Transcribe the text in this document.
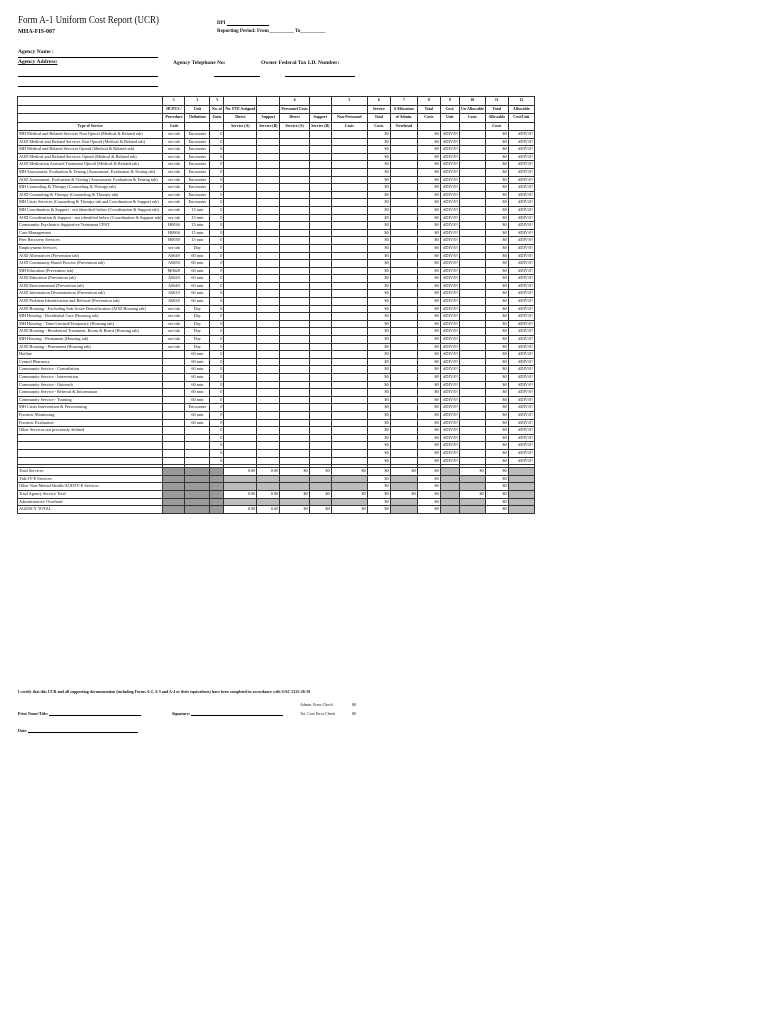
Form A-1 Uniform Cost Report (UCR)
MHA-FIS-007
DPI
Reporting Period: From__________ To__________
Agency Name :
Agency Address:	Agency Telephone No:	Owner Federal Tax I.D. Number:
	1	2	3			4		5	6	7	8	9	10	11	12
	HCPCS /	Unit	No. of	No. FTE Assigned		Personnel Costs			Service	$ Allocation	Total	Cost/	Un-Allowable	Total	Allowable
	Procedure	Definition	Units	Direct	Support	Direct	Support	Non-Personnel	Total	of Admin.	Costs	Unit	Costs	Allowable	Cost/Unit
Type of Service	Code			Service (A)	Service (B)	Service (A)	Service (B)	Costs	Costs	Overhead				Costs	
MH Medical and Related Services Non Opioid (Medical & Related tab)	see tab	Encounter	0						$0		$0	#DIV/0!		$0	#DIV/0!
AOD Medical and Related Services Non Opioid (Medical & Related tab)	see tab	Encounter	0						$0		$0	#DIV/0!		$0	#DIV/0!
MH Medical and Related Services Opioid (Medical & Related tab)	see tab	Encounter	0						$0		$0	#DIV/0!		$0	#DIV/0!
AOD Medical and Related Services Opioid (Medical & Related tab)	see tab	Encounter	0						$0		$0	#DIV/0!		$0	#DIV/0!
AOD Medication Assisted Treatment Opioid (Medical & Related tab)	see tab	Encounter	0						$0		$0	#DIV/0!		$0	#DIV/0!
MH Assessment, Evaluation & Testing (Assessment, Evaluation & Testing tab)	see tab	Encounter	0						$0		$0	#DIV/0!		$0	#DIV/0!
AOD Assessment, Evaluation & Testing (Assessment, Evaluation & Testing tab)	see tab	Encounter	0						$0		$0	#DIV/0!		$0	#DIV/0!
MH Counseling & Therapy (Counseling & Therapy tab)	see tab	Encounter	0						$0		$0	#DIV/0!		$0	#DIV/0!
AOD Counseling & Therapy (Counseling & Therapy tab)	see tab	Encounter	0						$0		$0	#DIV/0!		$0	#DIV/0!
MH Crisis Services (Counseling & Therapy tab and Coordination & Support tab)	see tab	Encounter	0						$0		$0	#DIV/0!		$0	#DIV/0!
MH Coordination & Support - not identified below (Coordination & Support tab)	see tab	15 min	0						$0		$0	#DIV/0!		$0	#DIV/0!
AOD Coordination & Support - not identified below (Coordination & Support tab)	see tab	15 min	0						$0		$0	#DIV/0!		$0	#DIV/0!
Community Psychiatric Supportive Treatment CPST	H0036	15 min	0						$0		$0	#DIV/0!		$0	#DIV/0!
Case Management	H0006	15 min	0						$0		$0	#DIV/0!		$0	#DIV/0!
Peer Recovery Services	H0038	15 min	0						$0		$0	#DIV/0!		$0	#DIV/0!
Employment Services	see tab	Day	0						$0		$0	#DIV/0!		$0	#DIV/0!
AOD Alternatives (Prevention tab)	A0649	60 min	0						$0		$0	#DIV/0!		$0	#DIV/0!
AOD Community Based Process (Prevention tab)	A0650	60 min	0						$0		$0	#DIV/0!		$0	#DIV/0!
MH Education (Prevention tab)	M0620	60 min	0						$0		$0	#DIV/0!		$0	#DIV/0!
AOD Education (Prevention tab)	A0620	60 min	0						$0		$0	#DIV/0!		$0	#DIV/0!
AOD Environmental (Prevention tab)	A0640	60 min	0						$0		$0	#DIV/0!		$0	#DIV/0!
AOD Information Dissemination (Prevention tab)	A0610	60 min	0						$0		$0	#DIV/0!		$0	#DIV/0!
AOD Problem Identification and Referral (Prevention tab)	A0630	60 min	0						$0		$0	#DIV/0!		$0	#DIV/0!
AOD Housing - Excluding Sub-Acute Detoxification (AOD Housing tab)	see tab	Day	0						$0		$0	#DIV/0!		$0	#DIV/0!
MH Housing - Residential Care (Housing tab)	see tab	Day	0						$0		$0	#DIV/0!		$0	#DIV/0!
MH Housing - Time-Limited/Temporary (Housing tab)	see tab	Day	0						$0		$0	#DIV/0!		$0	#DIV/0!
AOD Housing - Residential Treatment, Room & Board (Housing tab)	see tab	Day	0						$0		$0	#DIV/0!		$0	#DIV/0!
MH Housing - Permanent (Housing tab)	see tab	Day	0						$0		$0	#DIV/0!		$0	#DIV/0!
AOD Housing - Permanent (Housing tab)	see tab	Day	0						$0		$0	#DIV/0!		$0	#DIV/0!
Hotline		60 min	0						$0		$0	#DIV/0!		$0	#DIV/0!
Central Pharmacy		60 min	0						$0		$0	#DIV/0!		$0	#DIV/0!
Community Service - Consultation		60 min	0						$0		$0	#DIV/0!		$0	#DIV/0!
Community Service - Intervention		60 min	0						$0		$0	#DIV/0!		$0	#DIV/0!
Community Service - Outreach		60 min	0						$0		$0	#DIV/0!		$0	#DIV/0!
Community Service - Referral & Information		60 min	0						$0		$0	#DIV/0!		$0	#DIV/0!
Community Service - Training		60 min	0						$0		$0	#DIV/0!		$0	#DIV/0!
MH Crisis Intervention & Prescreening		Encounter	0						$0		$0	#DIV/0!		$0	#DIV/0!
Forensic Monitoring		60 min	0						$0		$0	#DIV/0!		$0	#DIV/0!
Forensic Evaluation		60 min	0						$0		$0	#DIV/0!		$0	#DIV/0!
Other Services not previously defined			0						$0		$0	#DIV/0!		$0	#DIV/0!
			0						$0		$0	#DIV/0!		$0	#DIV/0!
			0						$0		$0	#DIV/0!		$0	#DIV/0!
			0						$0		$0	#DIV/0!		$0	#DIV/0!
			0						$0		$0	#DIV/0!		$0	#DIV/0!

Total Services				0.00	0.00	$0	$0	$0	$0	$0	$0		$0	$0	
Title IV-E Services									$0		$0			$0	
Other Non-Mental Health/AOD/IV-E Services									$0		$0			$0	
Total Agency Service Total				0.00	0.00	$0	$0	$0	$0	$0	$0		$0	$0	
Administrative Overhead									$0		$0			$0	
AGENCY TOTAL				0.00	0.00	$0	$0	$0	$0		$0			$0	
I certify that this UCR and all supporting documentation (including Forms A-2, A-3 and A-4 or their equivalents) have been completed in accordance with OAC 5122-26-19
Admin. Error Check
Tot. Cost Error Check
$0
$0
Print Name/Title:	Signature:
Date:
